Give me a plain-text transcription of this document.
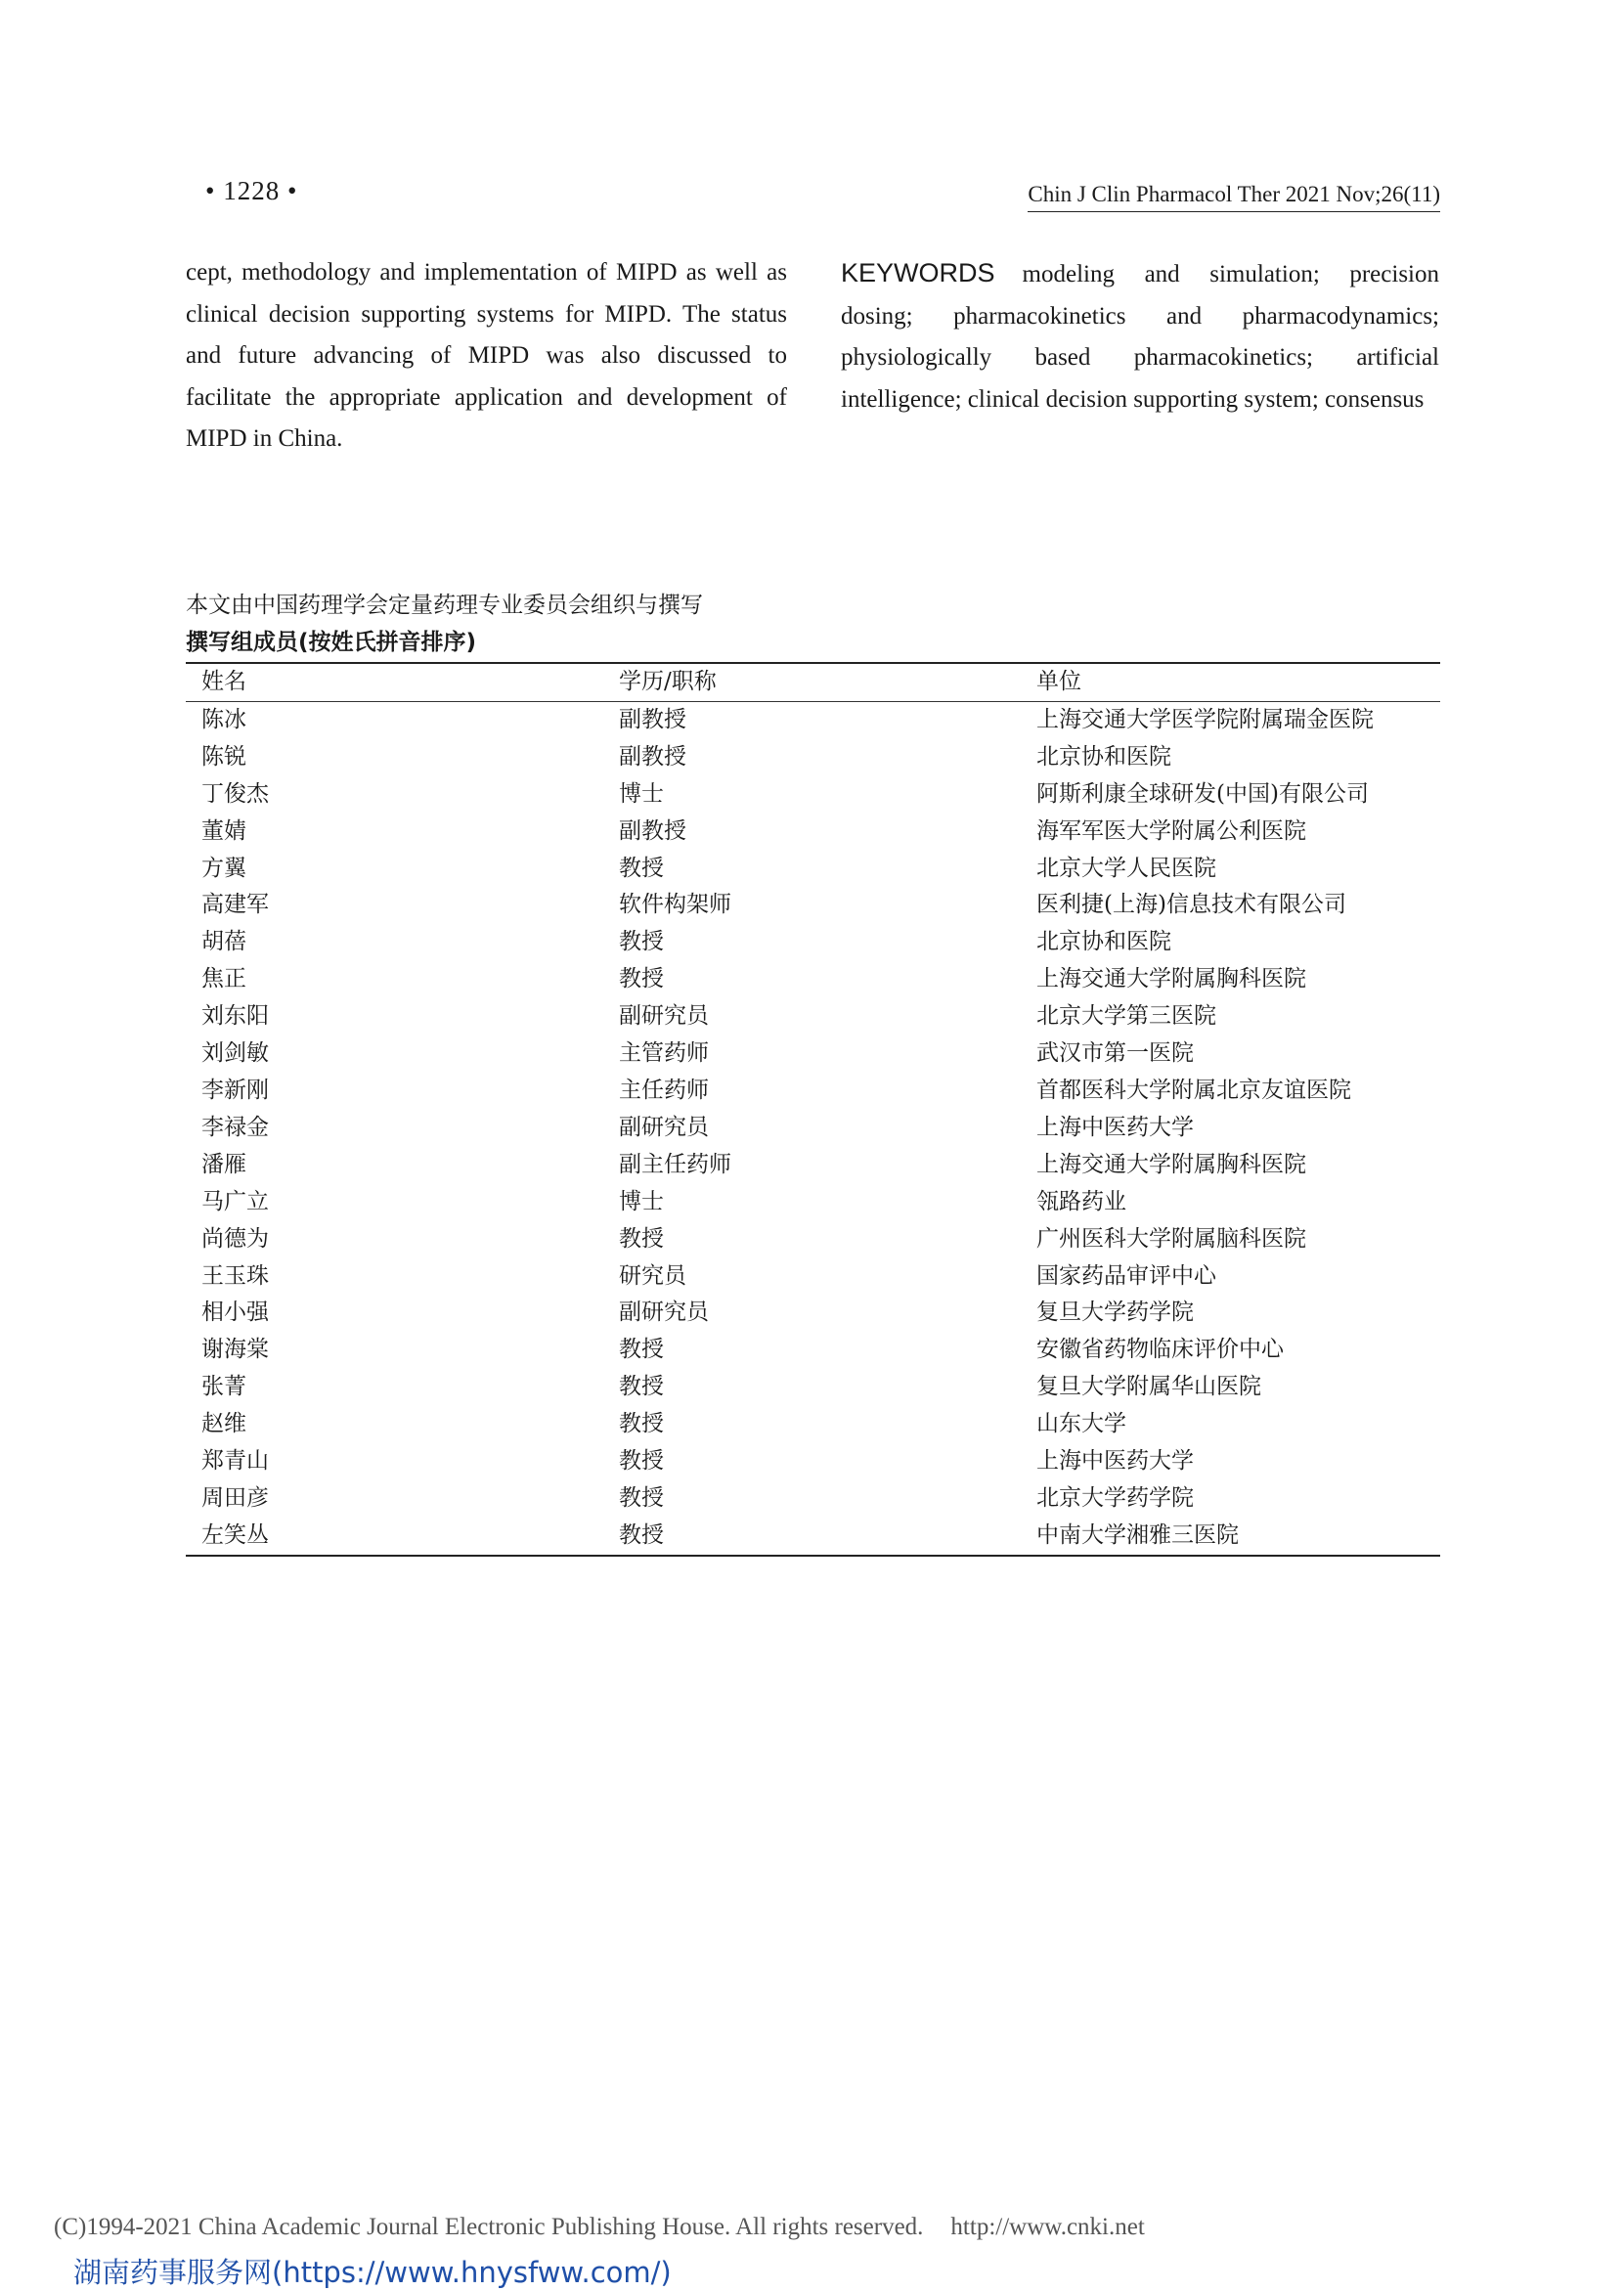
• 1228 •	Chin J Clin Pharmacol Ther 2021 Nov;26(11)
cept, methodology and implementation of MIPD as well as clinical decision supporting systems for MIPD. The status and future advancing of MIPD was also discussed to facilitate the appropriate application and development of MIPD in China.
KEYWORDS modeling and simulation; precision dosing; pharmacokinetics and pharmacodynamics; physiologically based pharmacokinetics; artificial intelligence; clinical decision supporting system; consensus
本文由中国药理学会定量药理专业委员会组织与撰写
撰写组成员(按姓氏拼音排序)
姓名	学历/职称	单位
陈冰	副教授	上海交通大学医学院附属瑞金医院
陈锐	副教授	北京协和医院
丁俊杰	博士	阿斯利康全球研发(中国)有限公司
董婧	副教授	海军军医大学附属公利医院
方翼	教授	北京大学人民医院
高建军	软件构架师	医利捷(上海)信息技术有限公司
胡蓓	教授	北京协和医院
焦正	教授	上海交通大学附属胸科医院
刘东阳	副研究员	北京大学第三医院
刘剑敏	主管药师	武汉市第一医院
李新刚	主任药师	首都医科大学附属北京友谊医院
李禄金	副研究员	上海中医药大学
潘雁	副主任药师	上海交通大学附属胸科医院
马广立	博士	瓴路药业
尚德为	教授	广州医科大学附属脑科医院
王玉珠	研究员	国家药品审评中心
相小强	副研究员	复旦大学药学院
谢海棠	教授	安徽省药物临床评价中心
张菁	教授	复旦大学附属华山医院
赵维	教授	山东大学
郑青山	教授	上海中医药大学
周田彦	教授	北京大学药学院
左笑丛	教授	中南大学湘雅三医院
(C)1994-2021 China Academic Journal Electronic Publishing House. All rights reserved. http://www.cnki.net
湖南药事服务网(https://www.hnysfww.com/)
